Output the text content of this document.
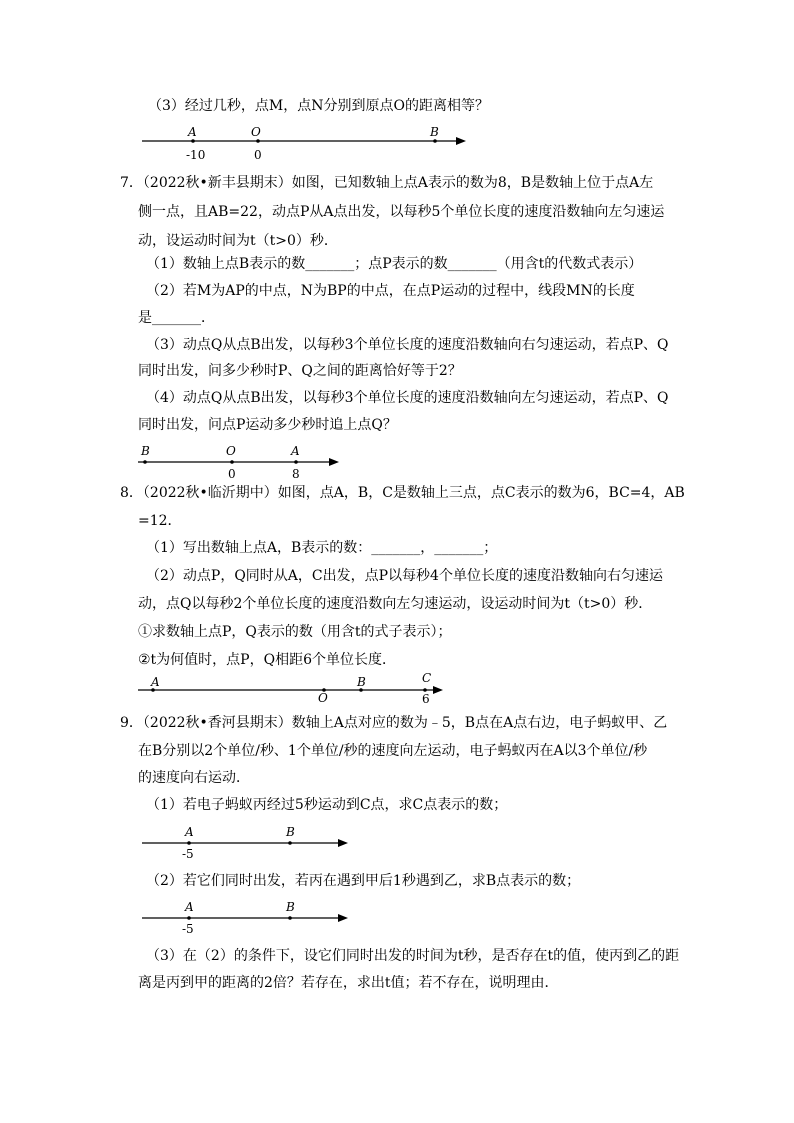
（3）经过几秒，点M，点N分别到原点O的距离相等？
A	O	B
-10	0
7．（2022秋•新丰县期末）如图，已知数轴上点A表示的数为8，B是数轴上位于点A左
侧一点，且AB=22，动点P从A点出发，以每秒5个单位长度的速度沿数轴向左匀速运
动，设运动时间为t（t>0）秒．
（1）数轴上点B表示的数_______；点P表示的数_______（用含t的代数式表示）
（2）若M为AP的中点，N为BP的中点，在点P运动的过程中，线段MN的长度
是_______．
（3）动点Q从点B出发，以每秒3个单位长度的速度沿数轴向右匀速运动，若点P、Q
同时出发，问多少秒时P、Q之间的距离恰好等于2？
（4）动点Q从点B出发，以每秒3个单位长度的速度沿数轴向左匀速运动，若点P、Q
同时出发，问点P运动多少秒时追上点Q？
B	O	A
0	8
8．（2022秋•临沂期中）如图，点A，B，C是数轴上三点，点C表示的数为6，BC=4，AB
=12．
（1）写出数轴上点A，B表示的数：_______，_______；
（2）动点P，Q同时从A，C出发，点P以每秒4个单位长度的速度沿数轴向右匀速运
动，点Q以每秒2个单位长度的速度沿数向左匀速运动，设运动时间为t（t>0）秒．
①求数轴上点P，Q表示的数（用含t的式子表示）；
②t为何值时，点P，Q相距6个单位长度．
A
O
B	C
6
9．（2022秋•香河县期末）数轴上A点对应的数为﹣5，B点在A点右边，电子蚂蚁甲、乙
在B分别以2个单位/秒、1个单位/秒的速度向左运动，电子蚂蚁丙在A以3个单位/秒
的速度向右运动．
（1）若电子蚂蚁丙经过5秒运动到C点，求C点表示的数；
A	B
-5
（2）若它们同时出发，若丙在遇到甲后1秒遇到乙，求B点表示的数；
A	B
-5
（3）在（2）的条件下，设它们同时出发的时间为t秒，是否存在t的值，使丙到乙的距
离是丙到甲的距离的2倍？若存在，求出t值；若不存在，说明理由．
